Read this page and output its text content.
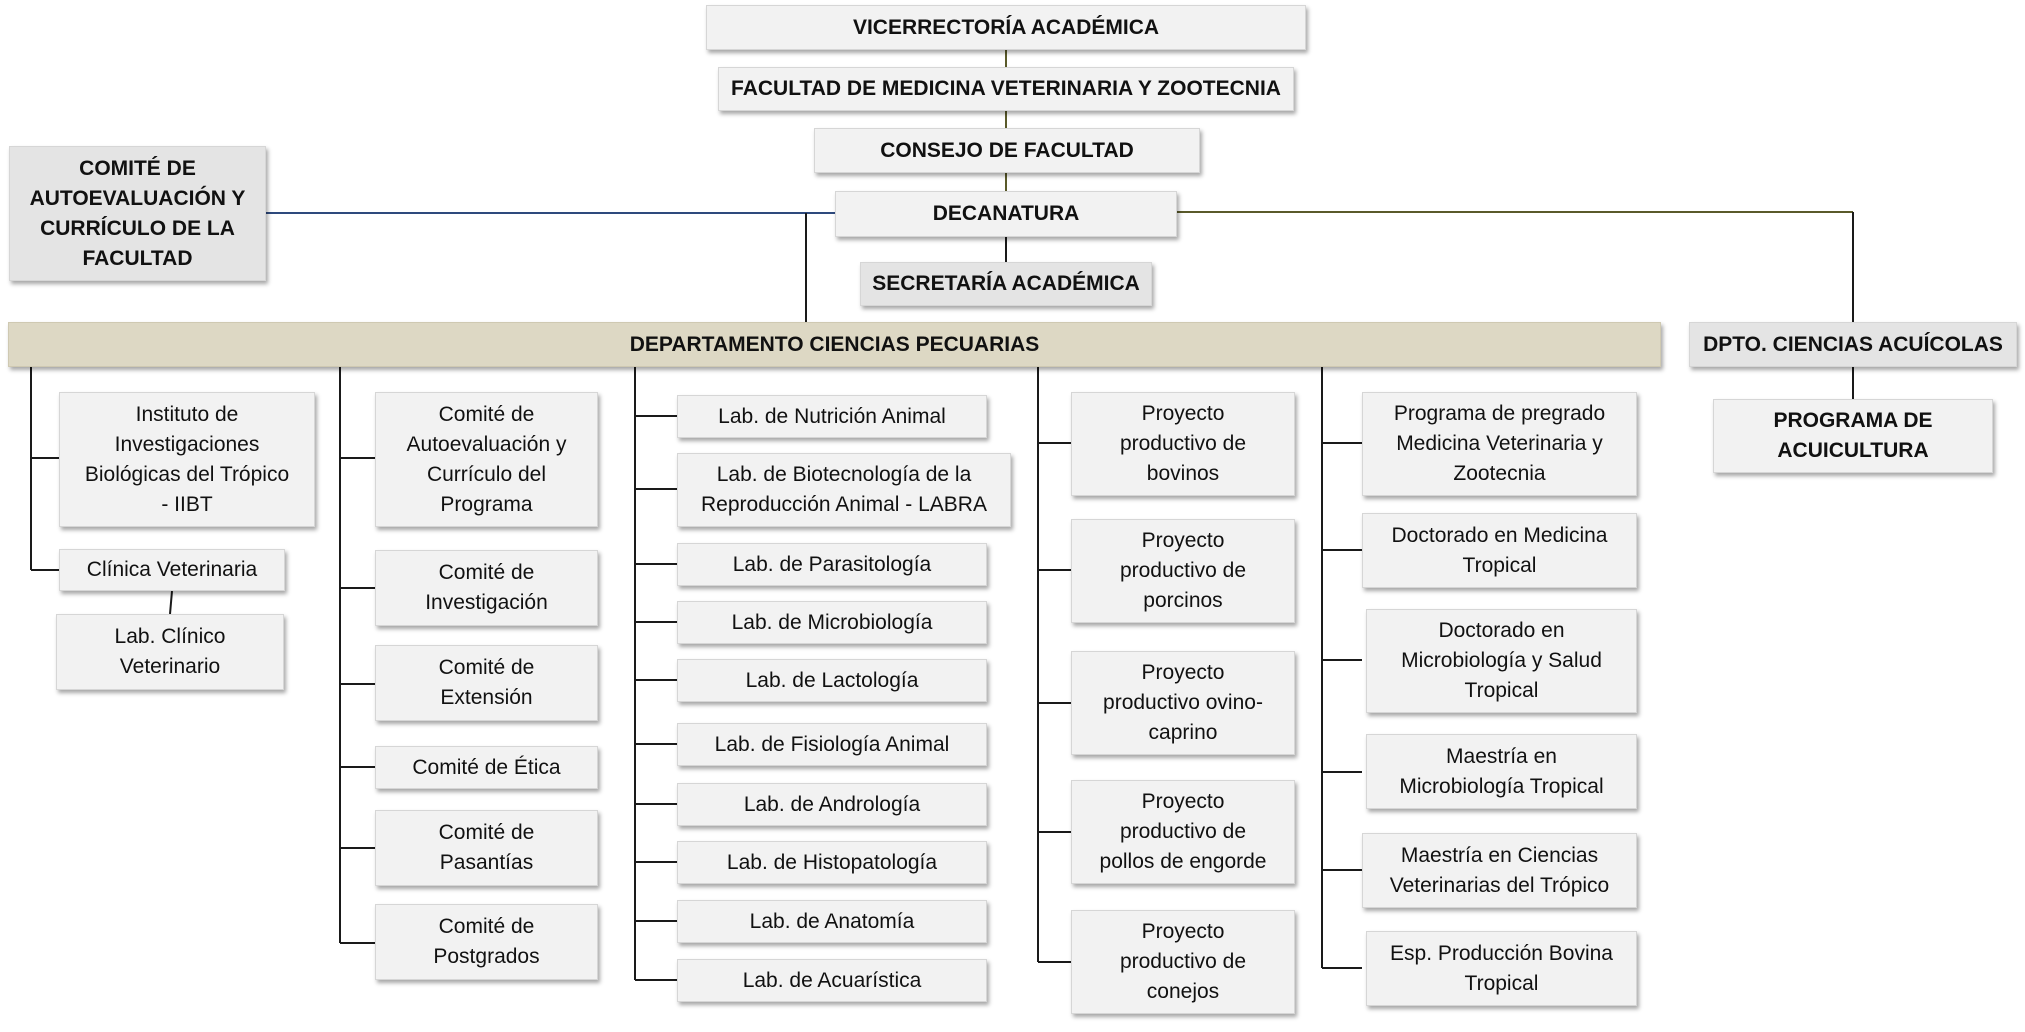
VICERRECTORÍA ACADÉMICA
FACULTAD DE MEDICINA VETERINARIA Y ZOOTECNIA
CONSEJO DE FACULTAD
DECANATURA
SECRETARÍA ACADÉMICA
COMITÉ DE
AUTOEVALUACIÓN Y
CURRÍCULO DE LA
FACULTAD
DEPARTAMENTO CIENCIAS PECUARIAS	DPTO. CIENCIAS ACUÍCOLAS
PROGRAMA DE
ACUICULTURA
Instituto de
Investigaciones
Biológicas del Trópico
- IIBT
Clínica Veterinaria
Lab. Clínico
Veterinario
Comité de
Autoevaluación y
Currículo del
Programa
Comité de
Investigación
Comité de
Extensión
Comité de Ética
Comité de
Pasantías
Comité de
Postgrados
Lab. de Nutrición Animal
Lab. de Biotecnología de la
Reproducción Animal - LABRA
Lab. de Parasitología
Lab. de Microbiología
Lab. de Lactología
Lab. de Fisiología Animal
Lab. de Andrología
Lab. de Histopatología
Lab. de Anatomía
Lab. de Acuarística
Proyecto
productivo de
bovinos
Proyecto
productivo de
porcinos
Proyecto
productivo ovino-
caprino
Proyecto
productivo de
pollos de engorde
Proyecto
productivo de
conejos
Programa de pregrado
Medicina Veterinaria y
Zootecnia
Doctorado en Medicina
Tropical
Doctorado en
Microbiología y Salud
Tropical
Maestría en
Microbiología Tropical
Maestría en Ciencias
Veterinarias del Trópico
Esp. Producción Bovina
Tropical
